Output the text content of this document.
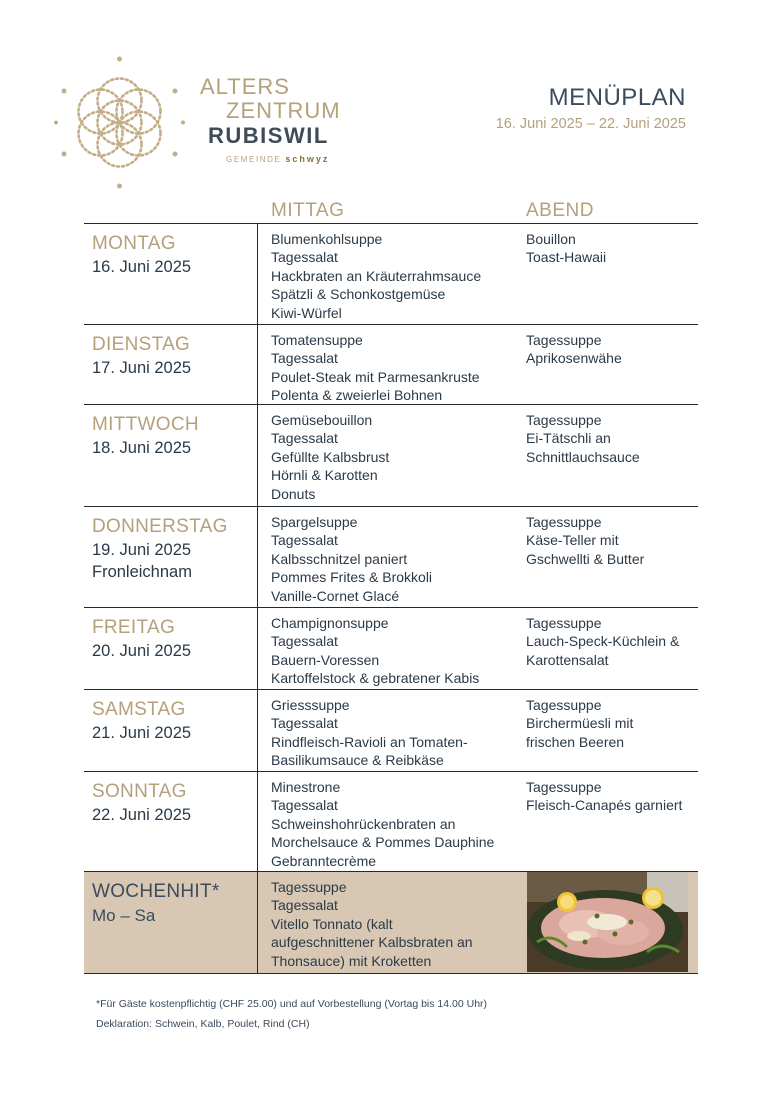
ALTERS
ZENTRUM
RUBISWIL
GEMEINDE schwyz
MENÜPLAN
16. Juni 2025 – 22. Juni 2025
MITTAG	ABEND
MONTAG
16. Juni 2025
Blumenkohlsuppe
Tagessalat
Hackbraten an Kräuterrahmsauce
Spätzli & Schonkostgemüse
Kiwi-Würfel
Bouillon
Toast-Hawaii
DIENSTAG
17. Juni 2025
Tomatensuppe
Tagessalat
Poulet-Steak mit Parmesankruste
Polenta & zweierlei Bohnen
Tagessuppe
Aprikosenwähe
MITTWOCH
18. Juni 2025
Gemüsebouillon
Tagessalat
Gefüllte Kalbsbrust
Hörnli & Karotten
Donuts
Tagessuppe
Ei-Tätschli an
Schnittlauchsauce
DONNERSTAG
19. Juni 2025
Fronleichnam
Spargelsuppe
Tagessalat
Kalbsschnitzel paniert
Pommes Frites & Brokkoli
Vanille-Cornet Glacé
Tagessuppe
Käse-Teller mit
Gschwellti & Butter
FREITAG
20. Juni 2025
Champignonsuppe
Tagessalat
Bauern-Voressen
Kartoffelstock & gebratener Kabis
Tagessuppe
Lauch-Speck-Küchlein &
Karottensalat
SAMSTAG
21. Juni 2025
Griesssuppe
Tagessalat
Rindfleisch-Ravioli an Tomaten-
Basilikumsauce & Reibkäse
Tagessuppe
Birchermüesli mit
frischen Beeren
SONNTAG
22. Juni 2025
Minestrone
Tagessalat
Schweinshohrückenbraten an
Morchelsauce & Pommes Dauphine
Gebranntecrème
Tagessuppe
Fleisch-Canapés garniert
WOCHENHIT*
Mo – Sa
Tagessuppe
Tagessalat
Vitello Tonnato (kalt
aufgeschnittener Kalbsbraten an
Thonsauce) mit Kroketten
*Für Gäste kostenpflichtig (CHF 25.00) und auf Vorbestellung (Vortag bis 14.00 Uhr)
Deklaration: Schwein, Kalb, Poulet, Rind (CH)
